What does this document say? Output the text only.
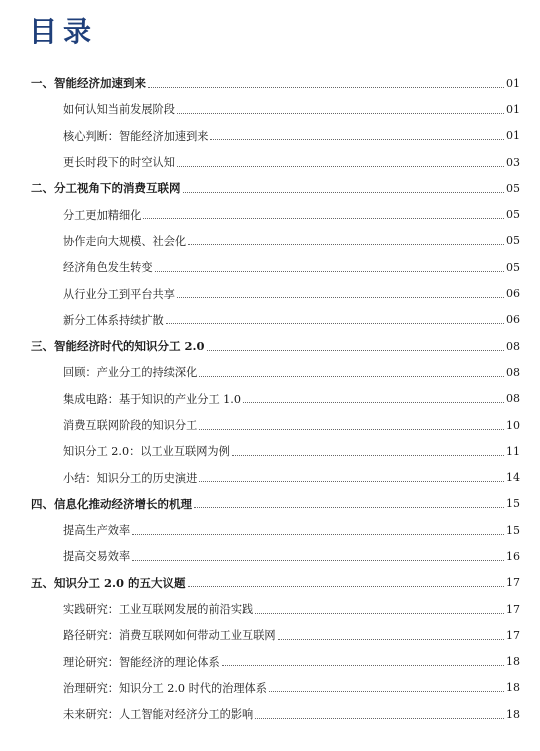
目录
一、智能经济加速到来	01
如何认知当前发展阶段	01
核心判断：智能经济加速到来	01
更长时段下的时空认知	03
二、分工视角下的消费互联网	05
分工更加精细化	05
协作走向大规模、社会化	05
经济角色发生转变	05
从行业分工到平台共享	06
新分工体系持续扩散	06
三、智能经济时代的知识分工 2.0	08
回顾：产业分工的持续深化	08
集成电路：基于知识的产业分工 1.0	08
消费互联网阶段的知识分工	10
知识分工 2.0：以工业互联网为例	11
小结：知识分工的历史演进	14
四、信息化推动经济增长的机理	15
提高生产效率	15
提高交易效率	16
五、知识分工 2.0 的五大议题	17
实践研究：工业互联网发展的前沿实践	17
路径研究：消费互联网如何带动工业互联网	17
理论研究：智能经济的理论体系	18
治理研究：知识分工 2.0 时代的治理体系	18
未来研究：人工智能对经济分工的影响	18
